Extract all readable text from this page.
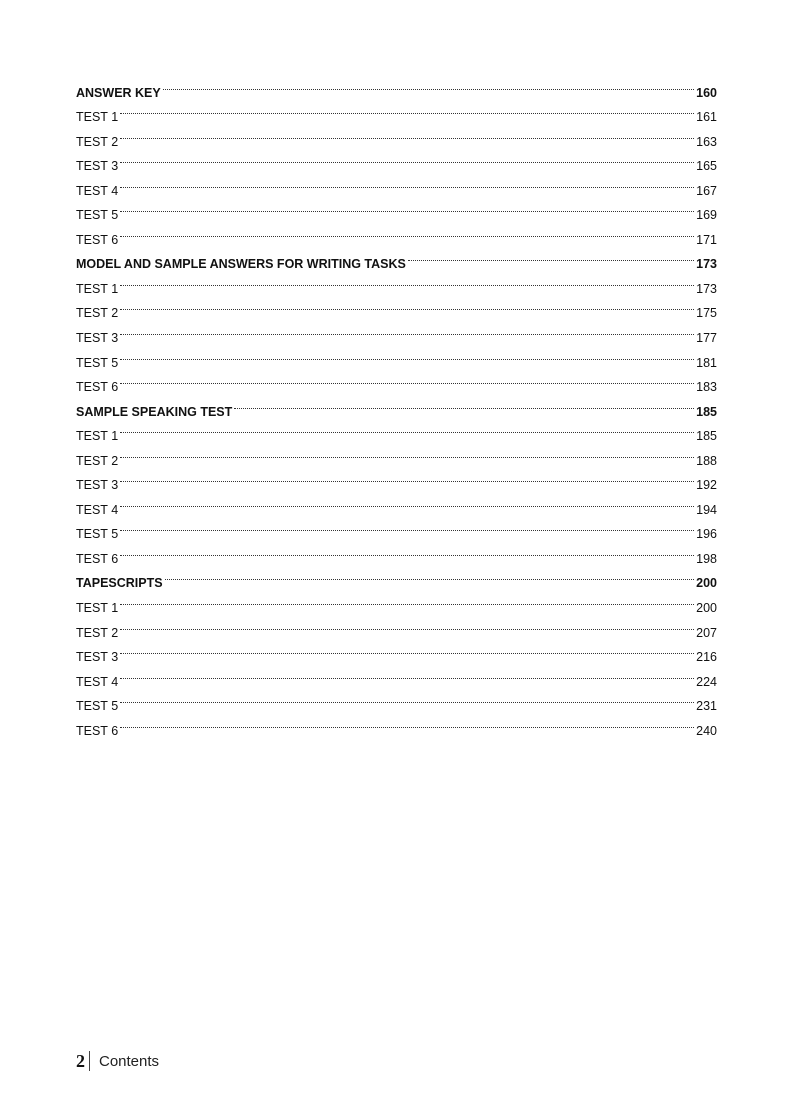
ANSWER KEY	160
TEST 1	161
TEST 2	163
TEST 3	165
TEST 4	167
TEST 5	169
TEST 6	171
MODEL AND SAMPLE ANSWERS FOR WRITING TASKS	173
TEST 1	173
TEST 2	175
TEST 3	177
TEST 5	181
TEST 6	183
SAMPLE SPEAKING TEST	185
TEST 1	185
TEST 2	188
TEST 3	192
TEST 4	194
TEST 5	196
TEST 6	198
TAPESCRIPTS	200
TEST 1	200
TEST 2	207
TEST 3	216
TEST 4	224
TEST 5	231
TEST 6	240
2 Contents
